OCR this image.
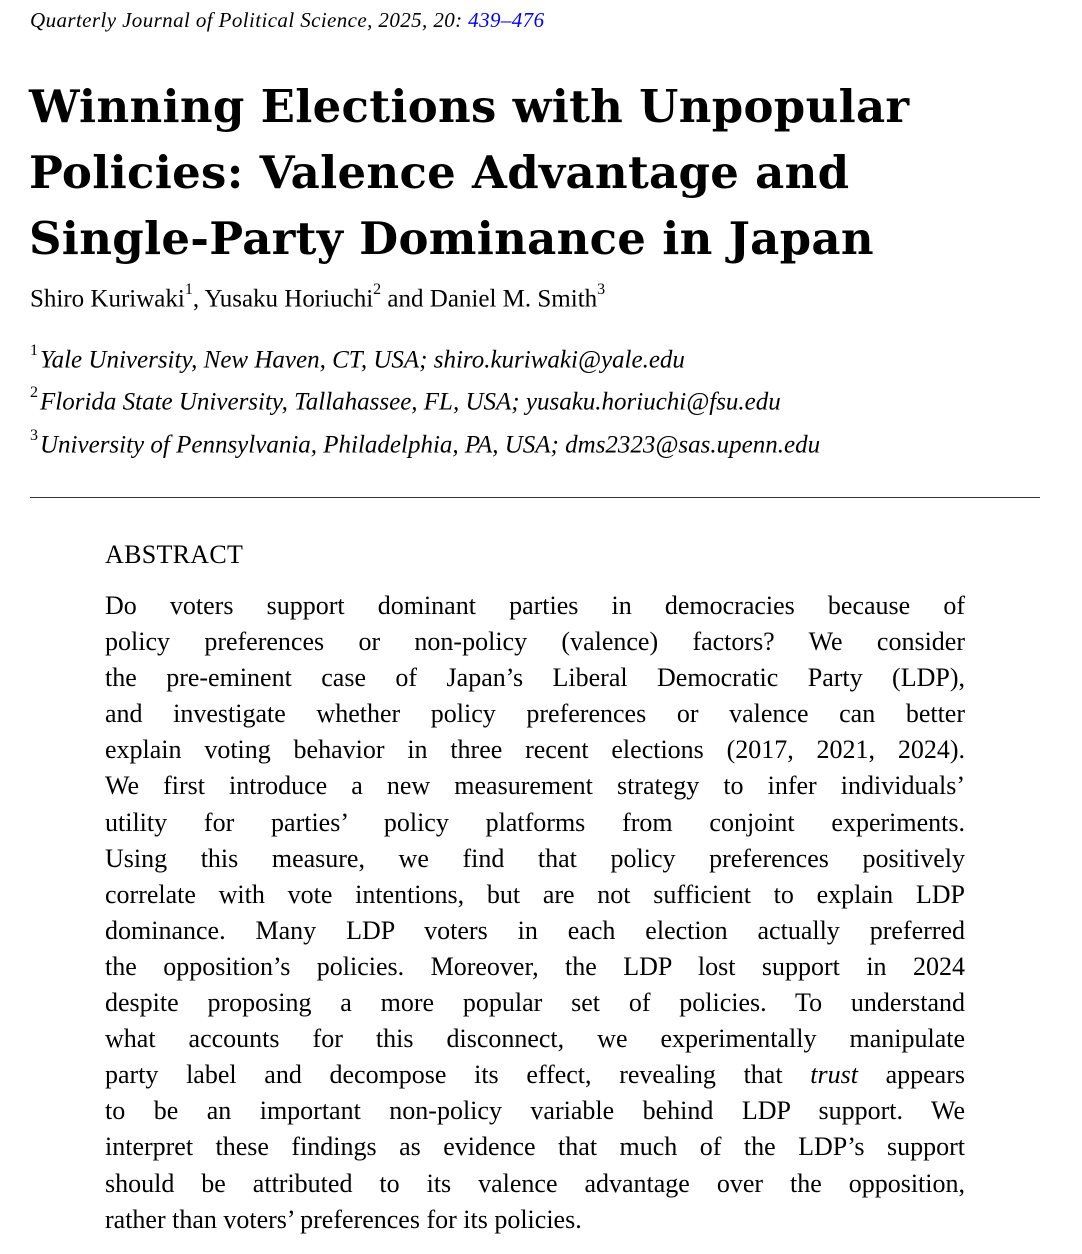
Quarterly Journal of Political Science, 2025, 20: 439–476
Winning Elections with Unpopular
Policies: Valence Advantage and
Single-Party Dominance in Japan
Shiro Kuriwaki$^1$, Yusaku Horiuchi$^2$ and Daniel M. Smith$^3$
$^1$Yale University, New Haven, CT, USA; shiro.kuriwaki@yale.edu
$^2$Florida State University, Tallahassee, FL, USA; yusaku.horiuchi@fsu.edu
$^3$University of Pennsylvania, Philadelphia, PA, USA; dms2323@sas.upenn.edu
ABSTRACT
Do voters support dominant parties in democracies because of
policy preferences or non-policy (valence) factors? We consider
the pre-eminent case of Japan’s Liberal Democratic Party (LDP),
and investigate whether policy preferences or valence can better
explain voting behavior in three recent elections (2017, 2021, 2024).
We first introduce a new measurement strategy to infer individuals’
utility for parties’ policy platforms from conjoint experiments.
Using this measure, we find that policy preferences positively
correlate with vote intentions, but are not sufficient to explain LDP
dominance. Many LDP voters in each election actually preferred
the opposition’s policies. Moreover, the LDP lost support in 2024
despite proposing a more popular set of policies. To understand
what accounts for this disconnect, we experimentally manipulate
party label and decompose its effect, revealing that trust appears
to be an important non-policy variable behind LDP support. We
interpret these findings as evidence that much of the LDP’s support
should be attributed to its valence advantage over the opposition,
rather than voters’ preferences for its policies.
